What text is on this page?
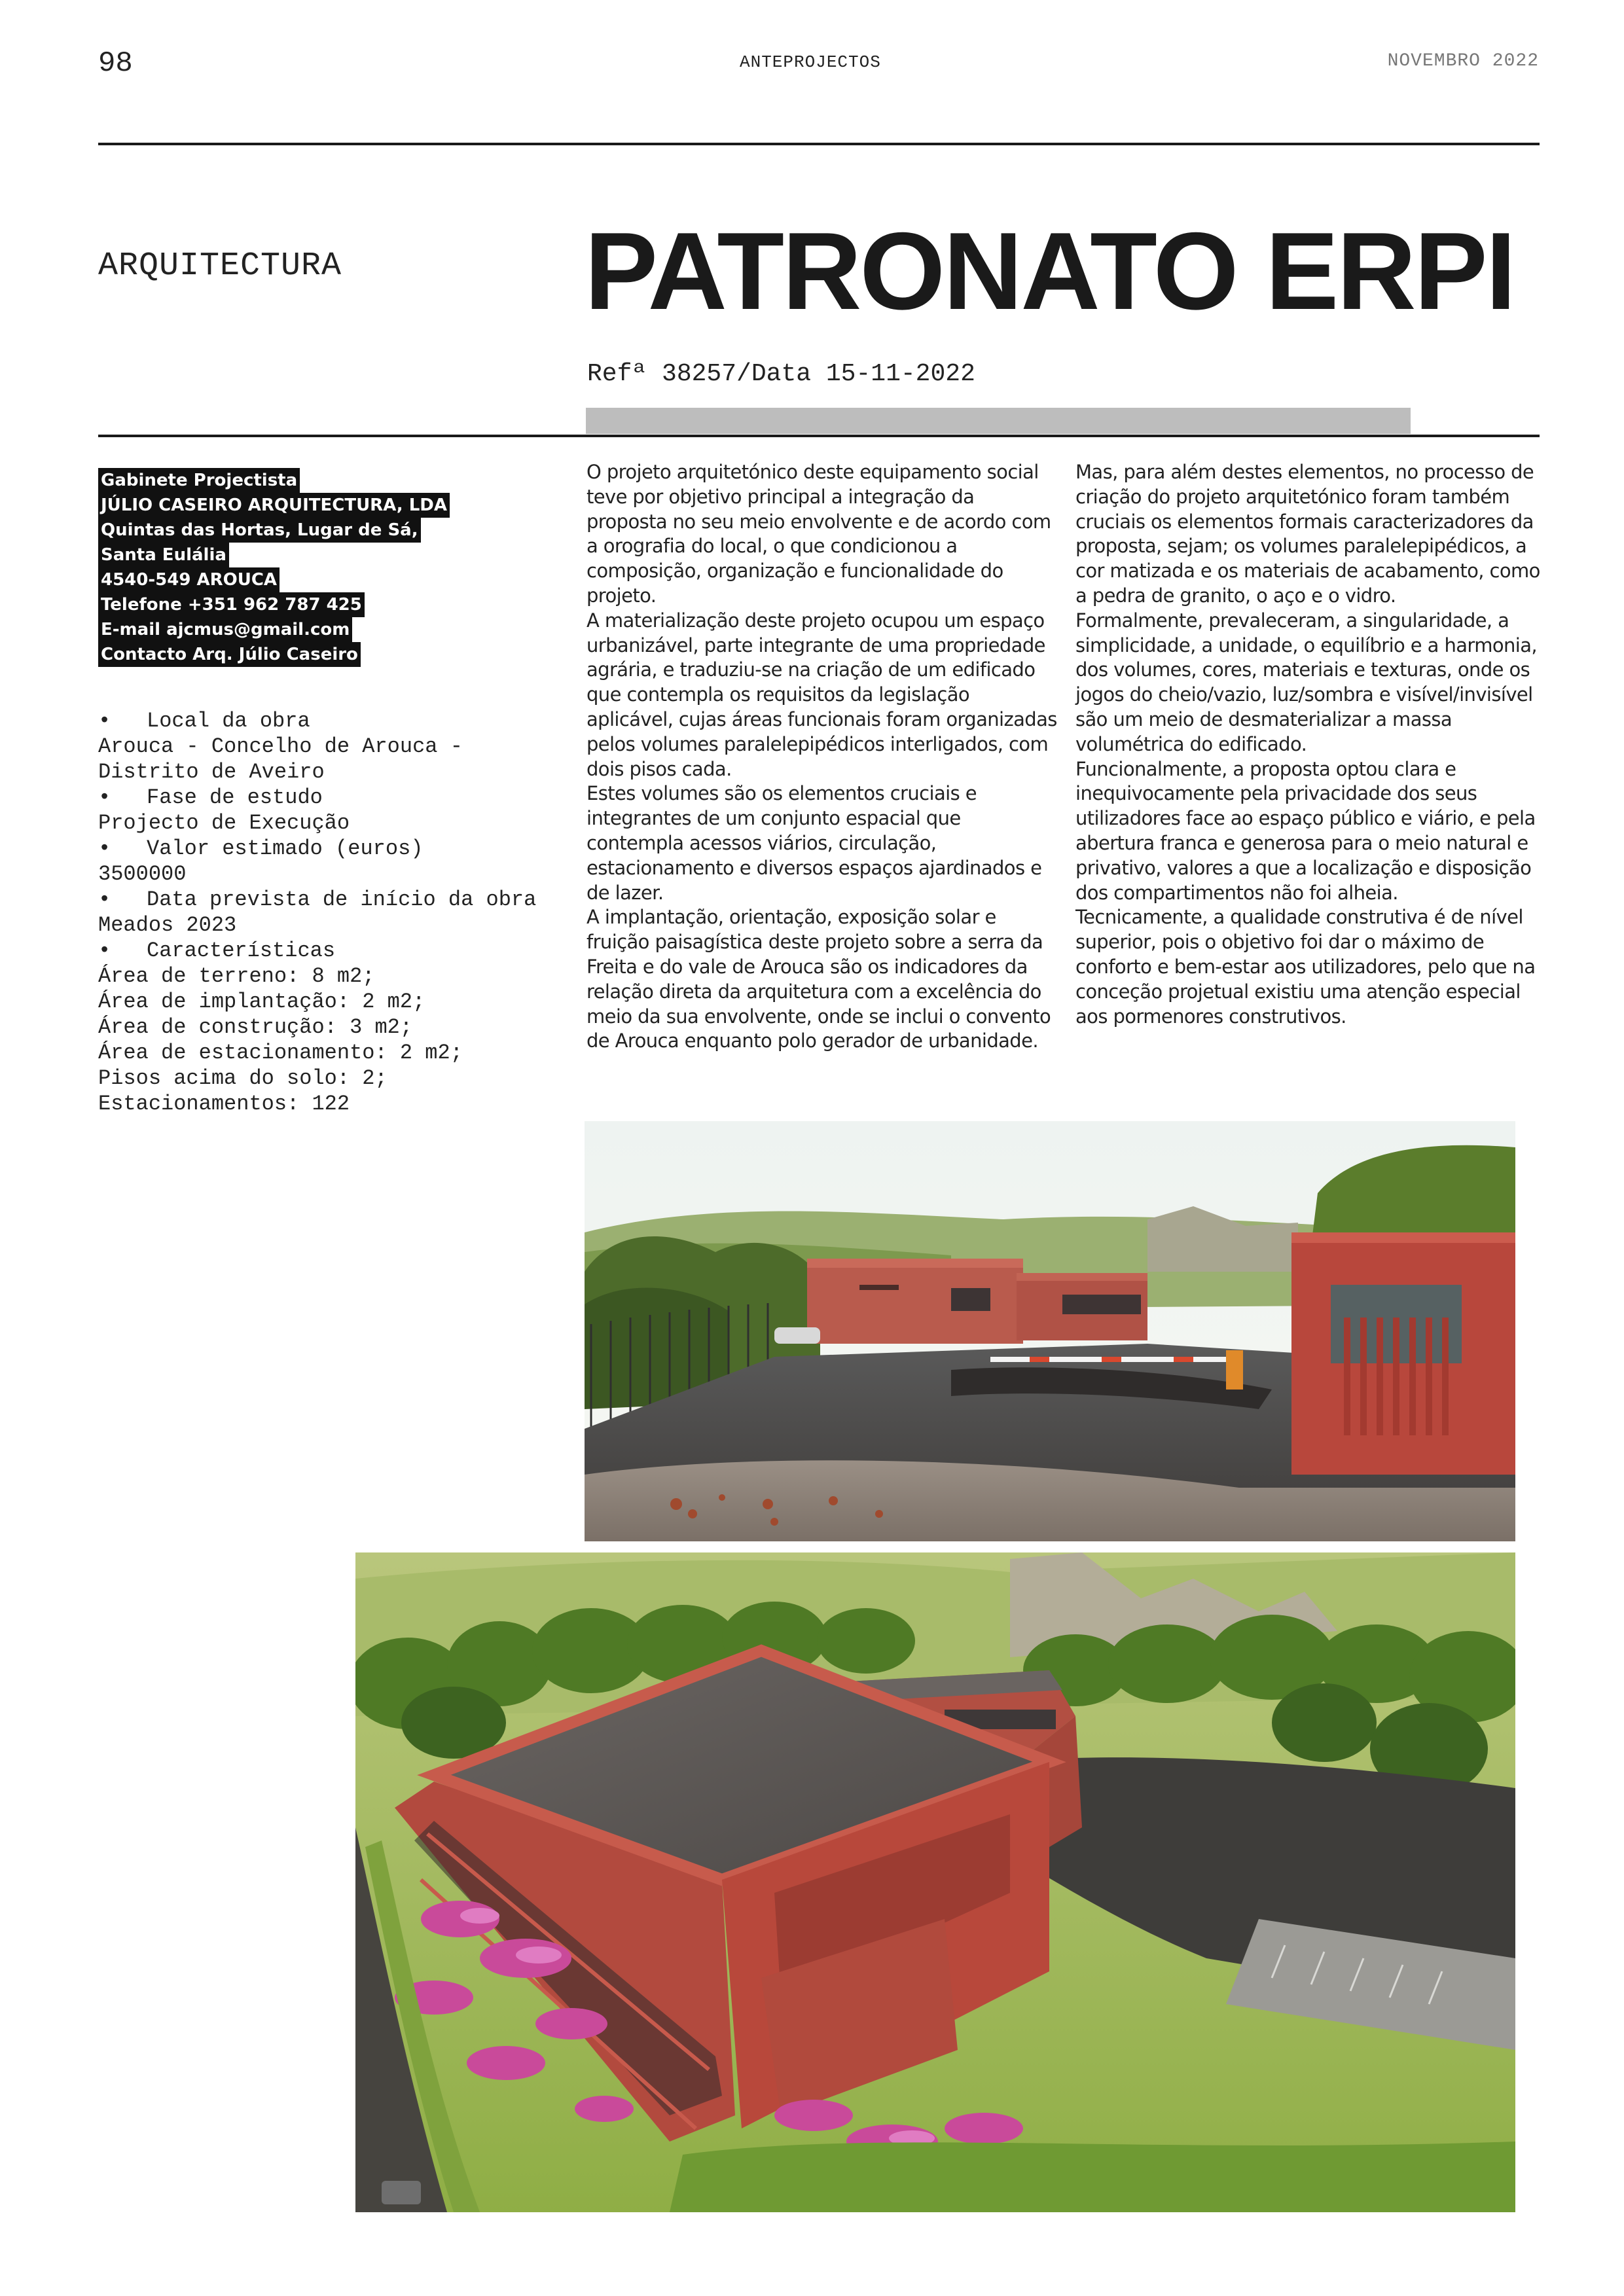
98	ANTEPROJECTOS	NOVEMBRO 2022
ARQUITECTURA PATRONATO ERPI
Refª 38257/Data 15-11-2022
Gabinete Projectista
JÚLIO CASEIRO ARQUITECTURA, LDA
Quintas das Hortas, Lugar de Sá,
Santa Eulália
4540-549 AROUCA
Telefone +351 962 787 425
E-mail ajcmus@gmail.com
Contacto Arq. Júlio Caseiro
• Local da obra
Arouca - Concelho de Arouca -
Distrito de Aveiro
• Fase de estudo
Projecto de Execução
• Valor estimado (euros)
3500000
• Data prevista de início da obra
Meados 2023
• Características
Área de terreno: 8 m2;
Área de implantação: 2 m2;
Área de construção: 3 m2;
Área de estacionamento: 2 m2;
Pisos acima do solo: 2;
Estacionamentos: 122

O projeto arquitetónico deste equipamento social teve por objetivo principal a integração da proposta no seu meio envolvente e de acordo com a orografia do local, o que condicionou a composição, organização e funcionalidade do projeto.

A materialização deste projeto ocupou um espaço urbanizável, parte integrante de uma propriedade agrária, e traduziu-se na criação de um edificado que contempla os requisitos da legislação aplicável, cujas áreas funcionais foram organizadas pelos volumes paralelepipédicos interligados, com dois pisos cada.

Estes volumes são os elementos cruciais e integrantes de um conjunto espacial que contempla acessos viários, circulação, estacionamento e diversos espaços ajardinados e de lazer.

A implantação, orientação, exposição solar e fruição paisagística deste projeto sobre a serra da Freita e do vale de Arouca são os indicadores da relação direta da arquitetura com a excelência do meio da sua envolvente, onde se inclui o convento de Arouca enquanto polo gerador de urbanidade.

Mas, para além destes elementos, no processo de criação do projeto arquitetónico foram também cruciais os elementos formais caracterizadores da proposta, sejam; os volumes paralelepipédicos, a cor matizada e os materiais de acabamento, como a pedra de granito, o aço e o vidro.

Formalmente, prevaleceram, a singularidade, a simplicidade, a unidade, o equilíbrio e a harmonia, dos volumes, cores, materiais e texturas, onde os jogos do cheio/vazio, luz/sombra e visível/invisível são um meio de desmaterializar a massa volumétrica do edificado.

Funcionalmente, a proposta optou clara e inequivocamente pela privacidade dos seus utilizadores face ao espaço público e viário, e pela abertura franca e generosa para o meio natural e privativo, valores a que a localização e disposição dos compartimentos não foi alheia.

Tecnicamente, a qualidade construtiva é de nível superior, pois o objetivo foi dar o máximo de conforto e bem-estar aos utilizadores, pelo que na conceção projetual existiu uma atenção especial aos pormenores construtivos.
